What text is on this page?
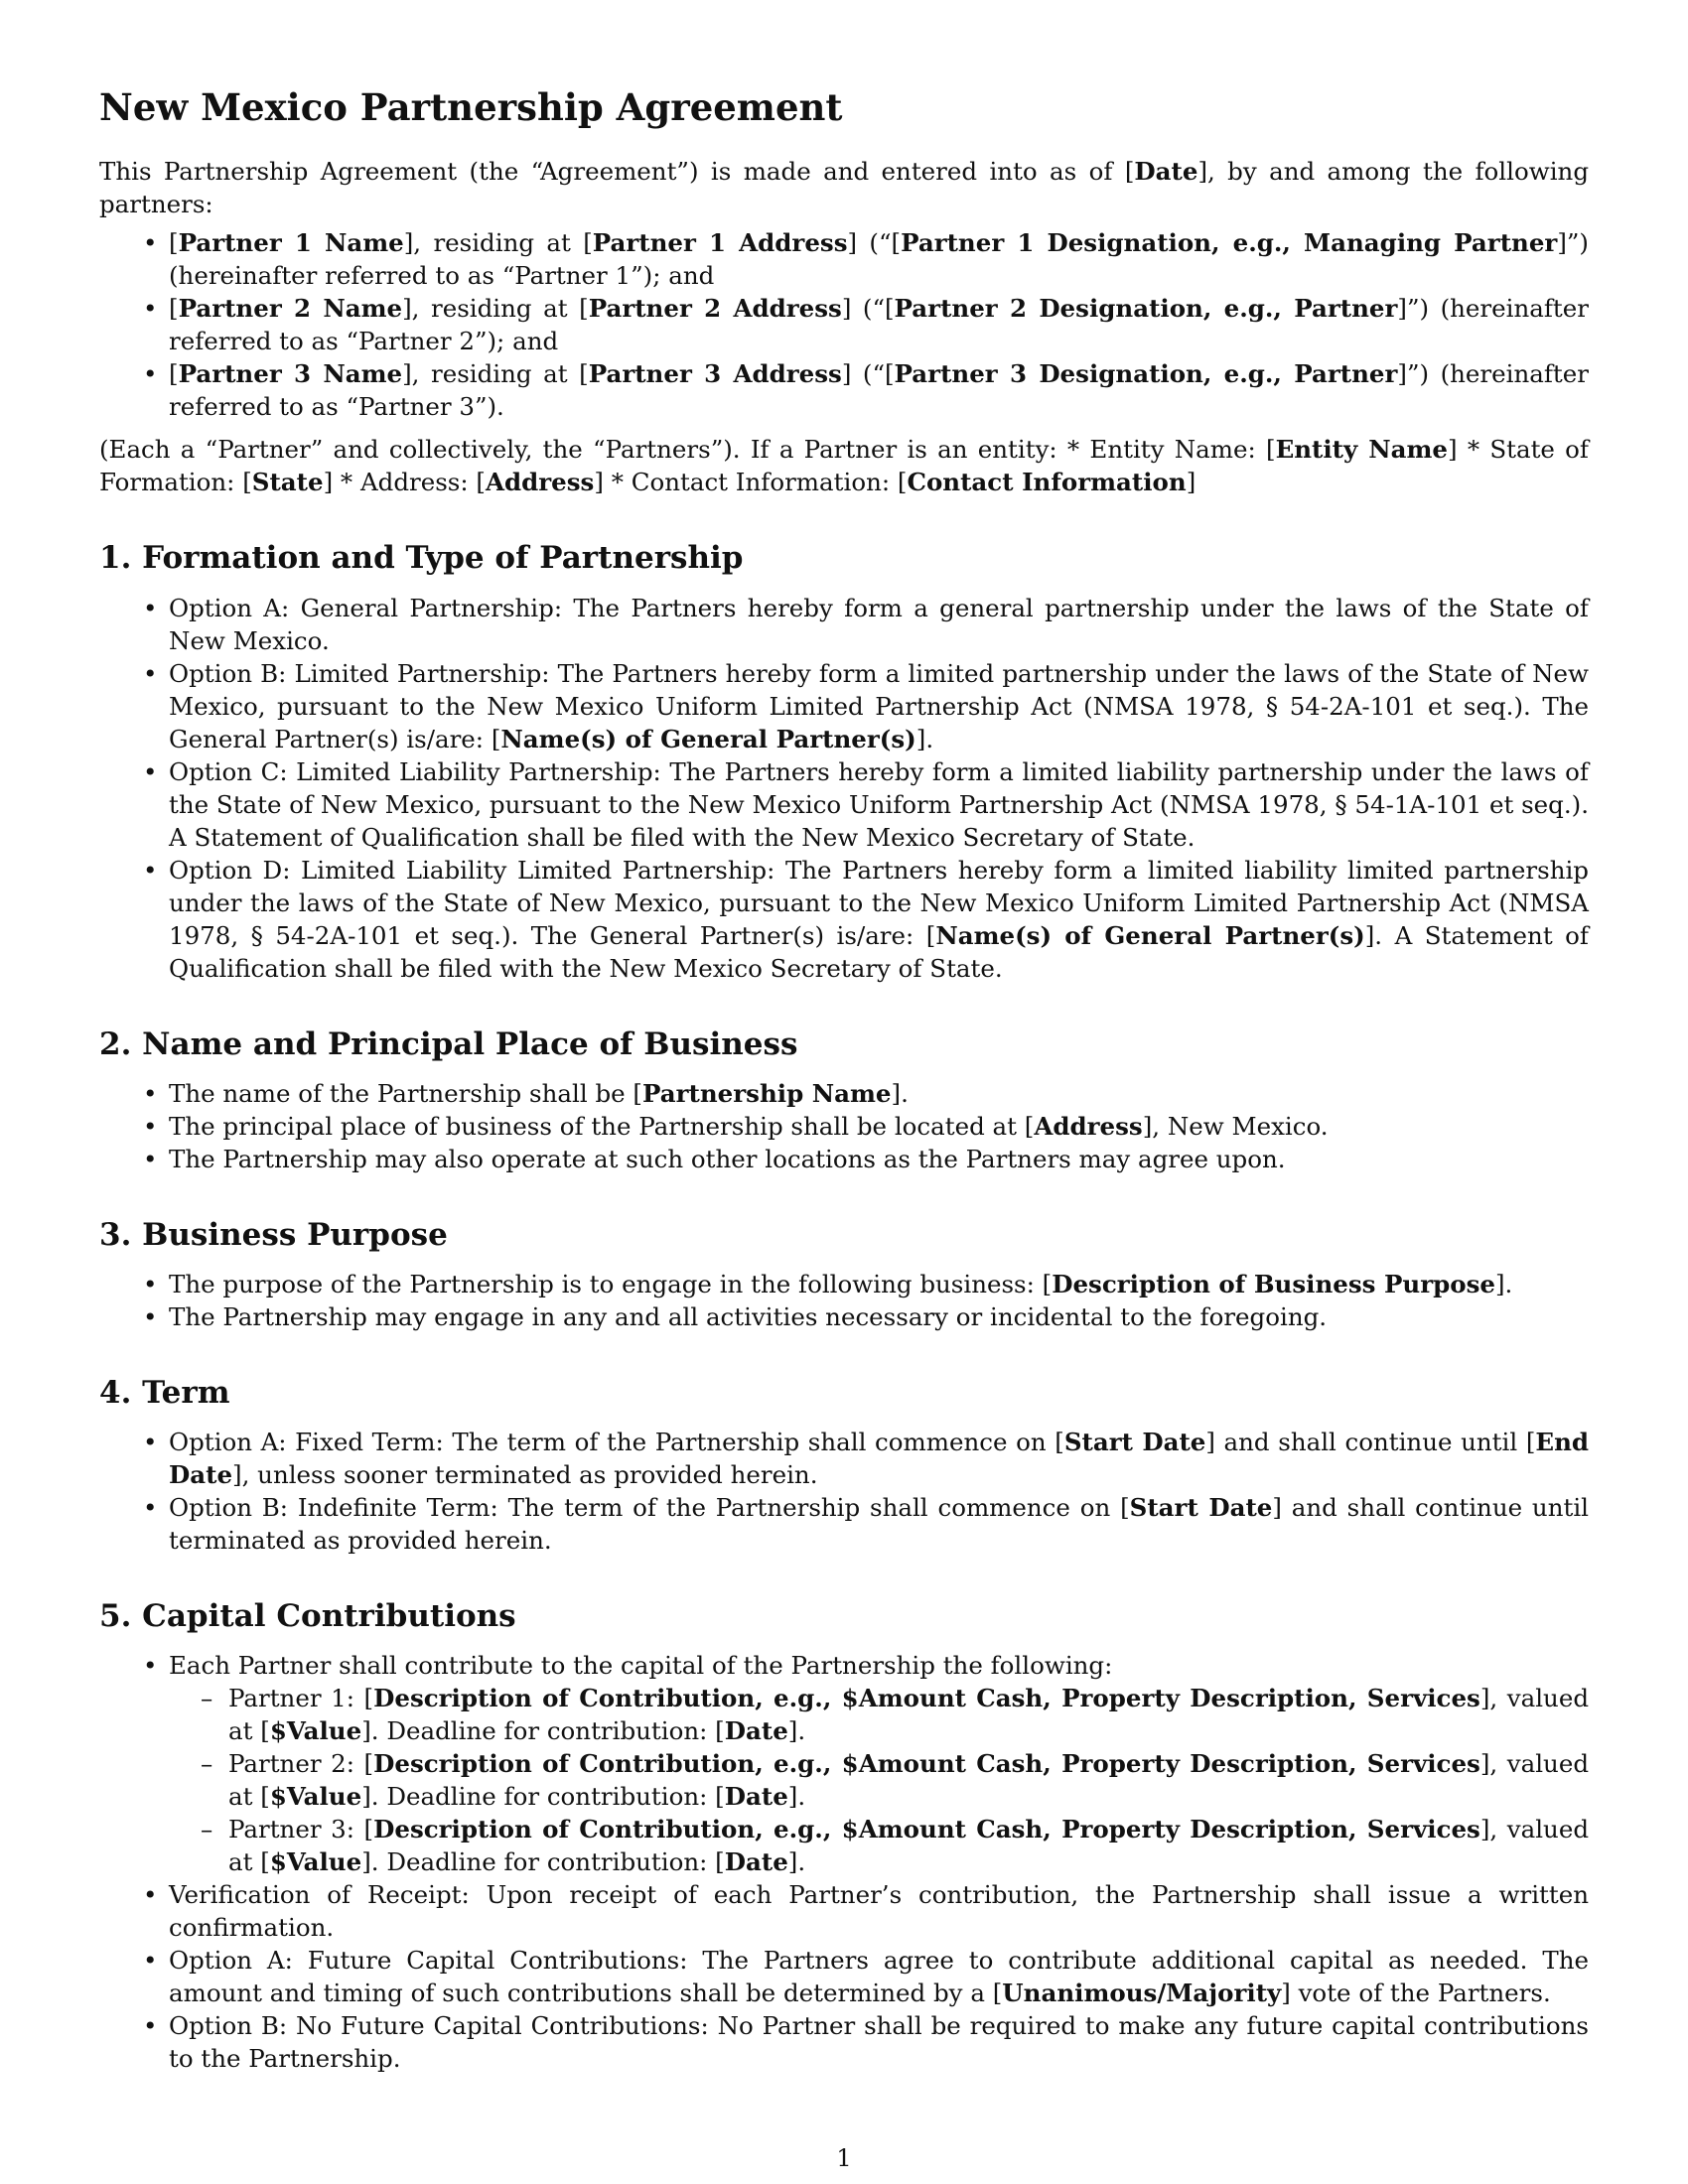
New Mexico Partnership Agreement

This Partnership Agreement (the “Agreement”) is made and entered into as of [Date], by and among the following partners:

• [Partner 1 Name], residing at [Partner 1 Address] (“[Partner 1 Designation, e.g., Managing Partner]”) (hereinafter referred to as “Partner 1”); and
• [Partner 2 Name], residing at [Partner 2 Address] (“[Partner 2 Designation, e.g., Partner]”) (hereinafter referred to as “Partner 2”); and
• [Partner 3 Name], residing at [Partner 3 Address] (“[Partner 3 Designation, e.g., Partner]”) (hereinafter referred to as “Partner 3”).

(Each a “Partner” and collectively, the “Partners”). If a Partner is an entity: * Entity Name: [Entity Name] * State of Formation: [State] * Address: [Address] * Contact Information: [Contact Information]

1. Formation and Type of Partnership
• Option A: General Partnership: The Partners hereby form a general partnership under the laws of the State of New Mexico.
• Option B: Limited Partnership: The Partners hereby form a limited partnership under the laws of the State of New Mexico, pursuant to the New Mexico Uniform Limited Partnership Act (NMSA 1978, § 54-2A-101 et seq.). The General Partner(s) is/are: [Name(s) of General Partner(s)].
• Option C: Limited Liability Partnership: The Partners hereby form a limited liability partnership under the laws of the State of New Mexico, pursuant to the New Mexico Uniform Partnership Act (NMSA 1978, § 54-1A-101 et seq.). A Statement of Qualification shall be filed with the New Mexico Secretary of State.
• Option D: Limited Liability Limited Partnership: The Partners hereby form a limited liability limited partnership under the laws of the State of New Mexico, pursuant to the New Mexico Uniform Limited Partnership Act (NMSA 1978, § 54-2A-101 et seq.). The General Partner(s) is/are: [Name(s) of General Partner(s)]. A Statement of Qualification shall be filed with the New Mexico Secretary of State.
2. Name and Principal Place of Business
• The name of the Partnership shall be [Partnership Name].
• The principal place of business of the Partnership shall be located at [Address], New Mexico.
• The Partnership may also operate at such other locations as the Partners may agree upon.
3. Business Purpose
• The purpose of the Partnership is to engage in the following business: [Description of Business Purpose].
• The Partnership may engage in any and all activities necessary or incidental to the foregoing.
4. Term
• Option A: Fixed Term: The term of the Partnership shall commence on [Start Date] and shall continue until [End Date], unless sooner terminated as provided herein.
• Option B: Indefinite Term: The term of the Partnership shall commence on [Start Date] and shall continue until terminated as provided herein.
5. Capital Contributions
• Each Partner shall contribute to the capital of the Partnership the following:
– Partner 1: [Description of Contribution, e.g., $Amount Cash, Property Description, Services], valued at [$Value]. Deadline for contribution: [Date].
– Partner 2: [Description of Contribution, e.g., $Amount Cash, Property Description, Services], valued at [$Value]. Deadline for contribution: [Date].
– Partner 3: [Description of Contribution, e.g., $Amount Cash, Property Description, Services], valued at [$Value]. Deadline for contribution: [Date].
• Verification of Receipt: Upon receipt of each Partner’s contribution, the Partnership shall issue a written confirmation.
• Option A: Future Capital Contributions: The Partners agree to contribute additional capital as needed. The amount and timing of such contributions shall be determined by a [Unanimous/Majority] vote of the Partners.
• Option B: No Future Capital Contributions: No Partner shall be required to make any future capital contributions to the Partnership.
1
